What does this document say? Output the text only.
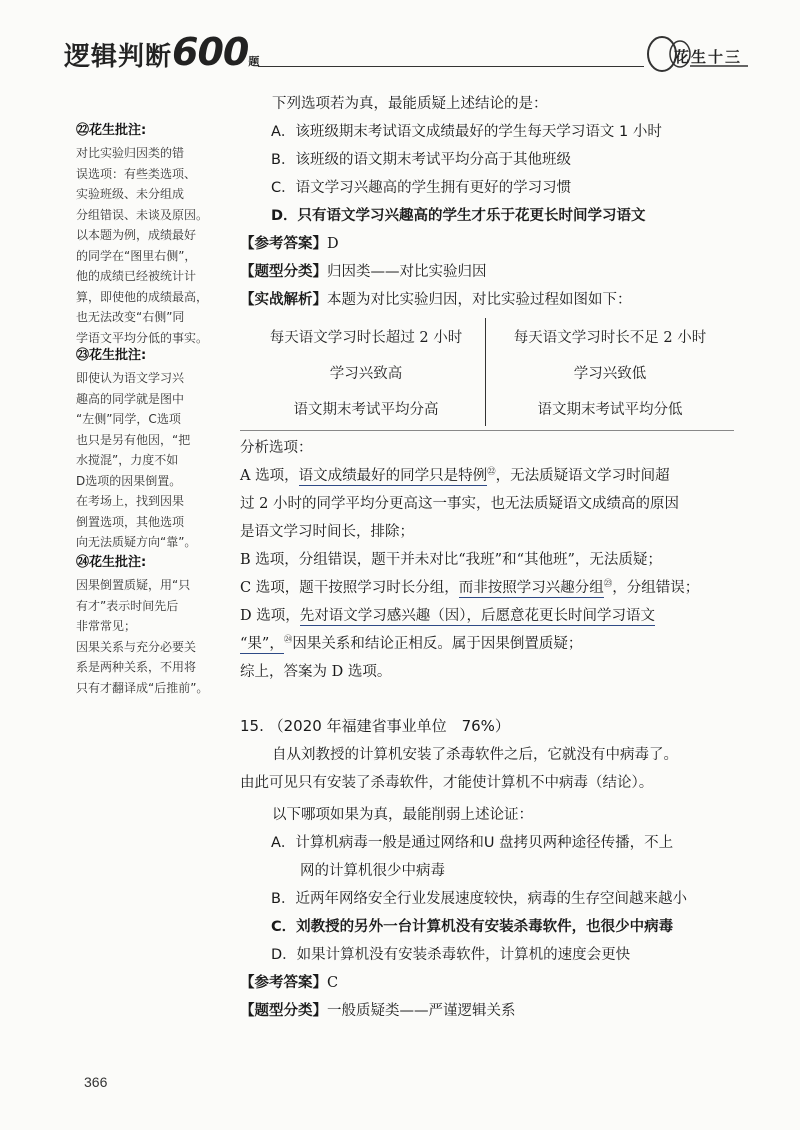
逻辑判断600题	花生十三
㉒花生批注:
对比实验归因类的错
误选项：有些类选项、
实验班级、未分组成
分组错误、未谈及原因。
以本题为例，成绩最好
的同学在“图里右侧”，
他的成绩已经被统计计
算，即使他的成绩最高，
也无法改变“右侧”同
学语文平均分低的事实。
㉓花生批注:
即使认为语文学习兴
趣高的同学就是图中
“左侧”同学，C选项
也只是另有他因，“把
水搅混”，力度不如
D选项的因果倒置。
在考场上，找到因果
倒置选项，其他选项
向无法质疑方向“靠”。
㉔花生批注:
因果倒置质疑，用“只
有才”表示时间先后
非常常见；
因果关系与充分必要关
系是两种关系，不用将
只有才翻译成“后推前”。
下列选项若为真，最能质疑上述结论的是：
A．该班级期末考试语文成绩最好的学生每天学习语文 1 小时
B．该班级的语文期末考试平均分高于其他班级
C．语文学习兴趣高的学生拥有更好的学习习惯
D．只有语文学习兴趣高的学生才乐于花更长时间学习语文
【参考答案】D
【题型分类】归因类——对比实验归因
【实战解析】本题为对比实验归因，对比实验过程如图如下：
每天语文学习时长超过 2 小时
学习兴致高
语文期末考试平均分高
每天语文学习时长不足 2 小时
学习兴致低
语文期末考试平均分低
分析选项：
A 选项，语文成绩最好的同学只是特例$^㉒$，无法质疑语文学习时间超
过 2 小时的同学平均分更高这一事实，也无法质疑语文成绩高的原因
是语文学习时间长，排除；
B 选项，分组错误，题干并未对比“我班”和“其他班”，无法质疑；
C 选项，题干按照学习时长分组，而非按照学习兴趣分组$^㉓$，分组错误；
D 选项，先对语文学习感兴趣（因），后愿意花更长时间学习语文
“果”，$^㉔$因果关系和结论正相反。属于因果倒置质疑；
综上，答案为 D 选项。
15. （2020 年福建省事业单位　76%）
自从刘教授的计算机安装了杀毒软件之后，它就没有中病毒了。
由此可见只有安装了杀毒软件，才能使计算机不中病毒（结论）。
以下哪项如果为真，最能削弱上述论证：
A．计算机病毒一般是通过网络和U 盘拷贝两种途径传播，不上
网的计算机很少中病毒
B．近两年网络安全行业发展速度较快，病毒的生存空间越来越小
C．刘教授的另外一台计算机没有安装杀毒软件，也很少中病毒
D．如果计算机没有安装杀毒软件，计算机的速度会更快
【参考答案】C
【题型分类】一般质疑类——严谨逻辑关系
366
